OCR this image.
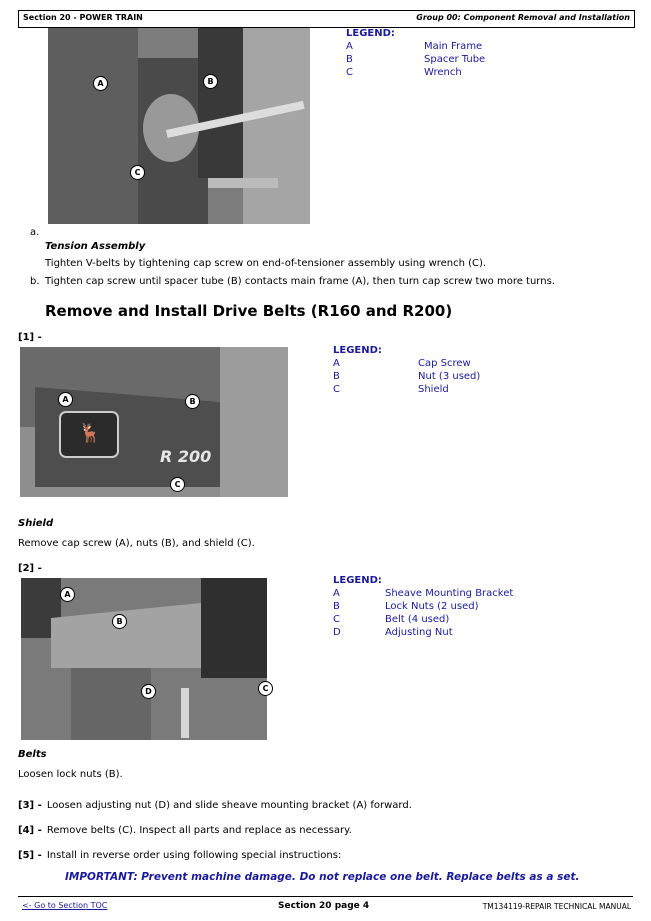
Section 20 - POWER TRAIN	Group 00: Component Removal and Installation
A	B
C
LEGEND:
A	Main Frame
B	Spacer Tube
C	Wrench
a.
Tension Assembly
Tighten V-belts by tightening cap screw on end-of-tensioner assembly using wrench (C).
b. Tighten cap screw until spacer tube (B) contacts main frame (A), then turn cap screw two more turns.
Remove and Install Drive Belts (R160 and R200)
[1] -
🦌
R 200
A	B
C
LEGEND:
A	Cap Screw
B	Nut (3 used)
C	Shield
Shield
Remove cap screw (A), nuts (B), and shield (C).
[2] -
A
B
C
D
LEGEND:
A	Sheave Mounting Bracket
B	Lock Nuts (2 used)
C	Belt (4 used)
D	Adjusting Nut
Belts
Loosen lock nuts (B).
[3] - Loosen adjusting nut (D) and slide sheave mounting bracket (A) forward.
[4] - Remove belts (C). Inspect all parts and replace as necessary.
[5] - Install in reverse order using following special instructions:
IMPORTANT: Prevent machine damage. Do not replace one belt. Replace belts as a set.
<- Go to Section TOC	Section 20 page 4	TM134119-REPAIR TECHNICAL MANUAL
